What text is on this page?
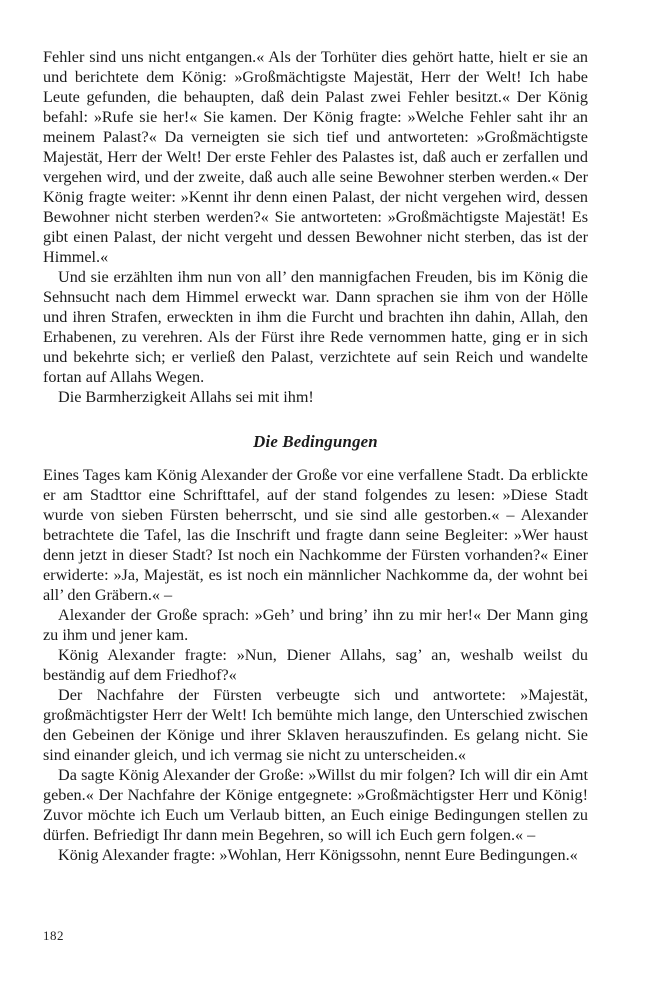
Fehler sind uns nicht entgangen.« Als der Torhüter dies gehört hatte, hielt er sie an und berichtete dem König: »Großmächtigste Majestät, Herr der Welt! Ich habe Leute gefunden, die behaupten, daß dein Palast zwei Fehler besitzt.« Der König befahl: »Rufe sie her!« Sie kamen. Der König fragte: »Welche Fehler saht ihr an meinem Palast?« Da verneigten sie sich tief und antworteten: »Großmächtigste Majestät, Herr der Welt! Der erste Fehler des Palastes ist, daß auch er zerfallen und vergehen wird, und der zweite, daß auch alle seine Bewohner sterben werden.« Der König fragte weiter: »Kennt ihr denn einen Palast, der nicht vergehen wird, dessen Bewohner nicht sterben werden?« Sie antworteten: »Großmächtigste Majestät! Es gibt einen Palast, der nicht vergeht und dessen Bewohner nicht sterben, das ist der Himmel.«

Und sie erzählten ihm nun von all’ den mannigfachen Freuden, bis im König die Sehnsucht nach dem Himmel erweckt war. Dann sprachen sie ihm von der Hölle und ihren Strafen, erweckten in ihm die Furcht und brachten ihn dahin, Allah, den Erhabenen, zu verehren. Als der Fürst ihre Rede vernommen hatte, ging er in sich und bekehrte sich; er verließ den Palast, verzichtete auf sein Reich und wandelte fortan auf Allahs Wegen.

Die Barmherzigkeit Allahs sei mit ihm!

Die Bedingungen

Eines Tages kam König Alexander der Große vor eine verfallene Stadt. Da erblickte er am Stadttor eine Schrifttafel, auf der stand folgendes zu lesen: »Diese Stadt wurde von sieben Fürsten beherrscht, und sie sind alle gestorben.« – Alexander betrachtete die Tafel, las die Inschrift und fragte dann seine Begleiter: »Wer haust denn jetzt in dieser Stadt? Ist noch ein Nachkomme der Fürsten vorhanden?« Einer erwiderte: »Ja, Majestät, es ist noch ein männlicher Nachkomme da, der wohnt bei all’ den Gräbern.« –

Alexander der Große sprach: »Geh’ und bring’ ihn zu mir her!« Der Mann ging zu ihm und jener kam.

König Alexander fragte: »Nun, Diener Allahs, sag’ an, weshalb weilst du beständig auf dem Friedhof?«

Der Nachfahre der Fürsten verbeugte sich und antwortete: »Majestät, großmächtigster Herr der Welt! Ich bemühte mich lange, den Unterschied zwischen den Gebeinen der Könige und ihrer Sklaven herauszufinden. Es gelang nicht. Sie sind einander gleich, und ich vermag sie nicht zu unterscheiden.«

Da sagte König Alexander der Große: »Willst du mir folgen? Ich will dir ein Amt geben.« Der Nachfahre der Könige entgegnete: »Großmächtigster Herr und König! Zuvor möchte ich Euch um Verlaub bitten, an Euch einige Bedingungen stellen zu dürfen. Befriedigt Ihr dann mein Begehren, so will ich Euch gern folgen.« –

König Alexander fragte: »Wohlan, Herr Königssohn, nennt Eure Bedingungen.«

182
